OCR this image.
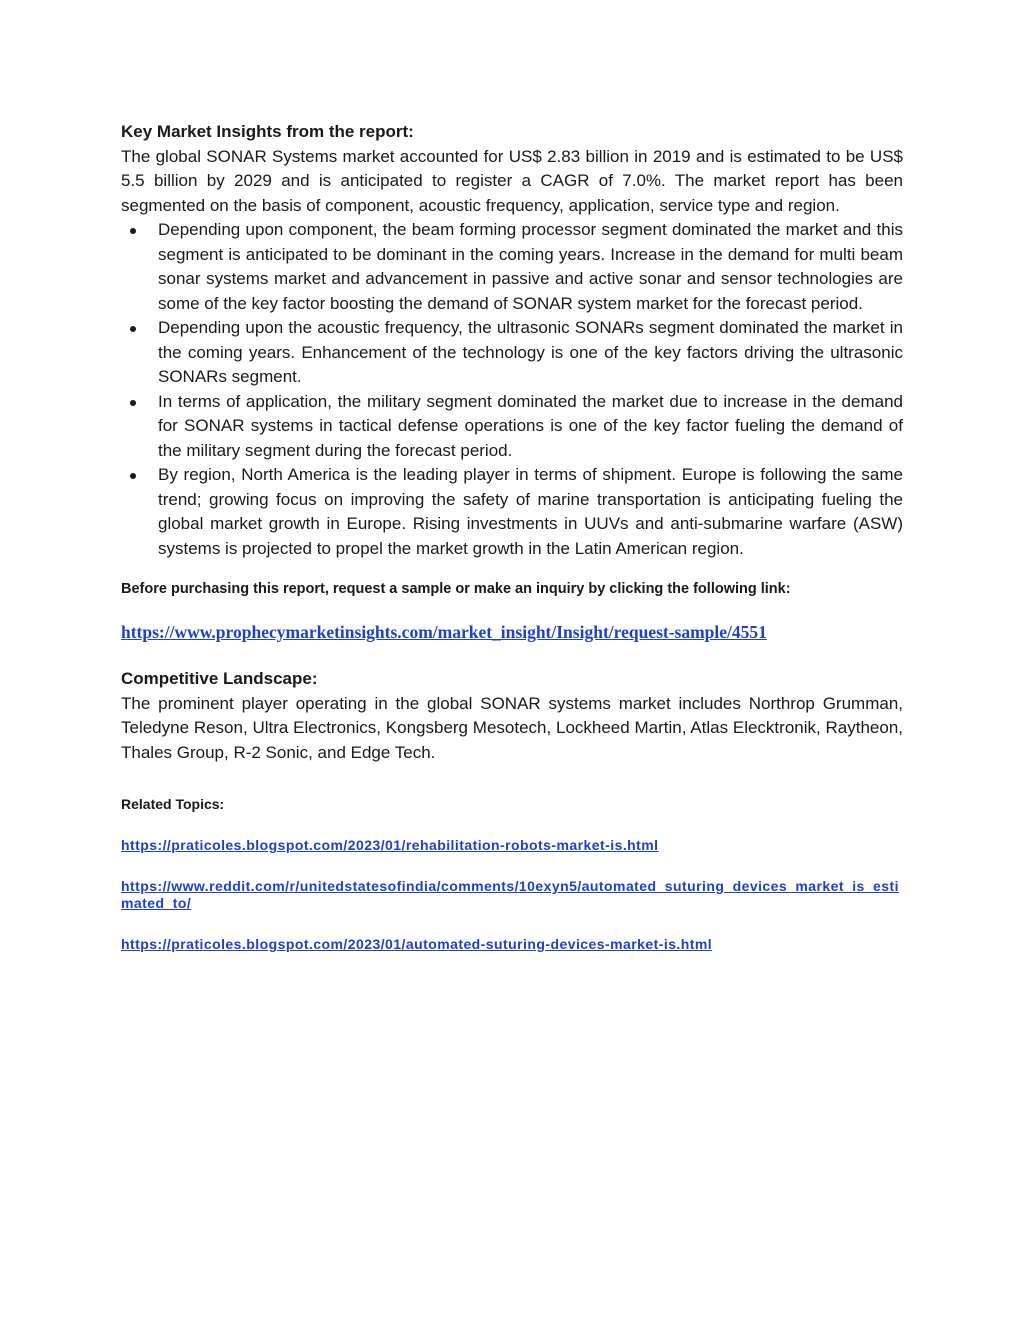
Key Market Insights from the report:

The global SONAR Systems market accounted for US$ 2.83 billion in 2019 and is estimated to be US$ 5.5 billion by 2029 and is anticipated to register a CAGR of 7.0%. The market report has been segmented on the basis of component, acoustic frequency, application, service type and region.

Depending upon component, the beam forming processor segment dominated the market and this segment is anticipated to be dominant in the coming years. Increase in the demand for multi beam sonar systems market and advancement in passive and active sonar and sensor technologies are some of the key factor boosting the demand of SONAR system market for the forecast period.
Depending upon the acoustic frequency, the ultrasonic SONARs segment dominated the market in the coming years. Enhancement of the technology is one of the key factors driving the ultrasonic SONARs segment.
In terms of application, the military segment dominated the market due to increase in the demand for SONAR systems in tactical defense operations is one of the key factor fueling the demand of the military segment during the forecast period.
By region, North America is the leading player in terms of shipment. Europe is following the same trend; growing focus on improving the safety of marine transportation is anticipating fueling the global market growth in Europe. Rising investments in UUVs and anti-submarine warfare (ASW) systems is projected to propel the market growth in the Latin American region.

Before purchasing this report, request a sample or make an inquiry by clicking the following link:

https://www.prophecymarketinsights.com/market_insight/Insight/request-sample/4551

Competitive Landscape:

The prominent player operating in the global SONAR systems market includes Northrop Grumman, Teledyne Reson, Ultra Electronics, Kongsberg Mesotech, Lockheed Martin, Atlas Elecktronik, Raytheon, Thales Group, R-2 Sonic, and Edge Tech.

Related Topics:
https://praticoles.blogspot.com/2023/01/rehabilitation-robots-market-is.html
https://www.reddit.com/r/unitedstatesofindia/comments/10exyn5/automated_suturing_devices_market_is_estimated_to/
https://praticoles.blogspot.com/2023/01/automated-suturing-devices-market-is.html
